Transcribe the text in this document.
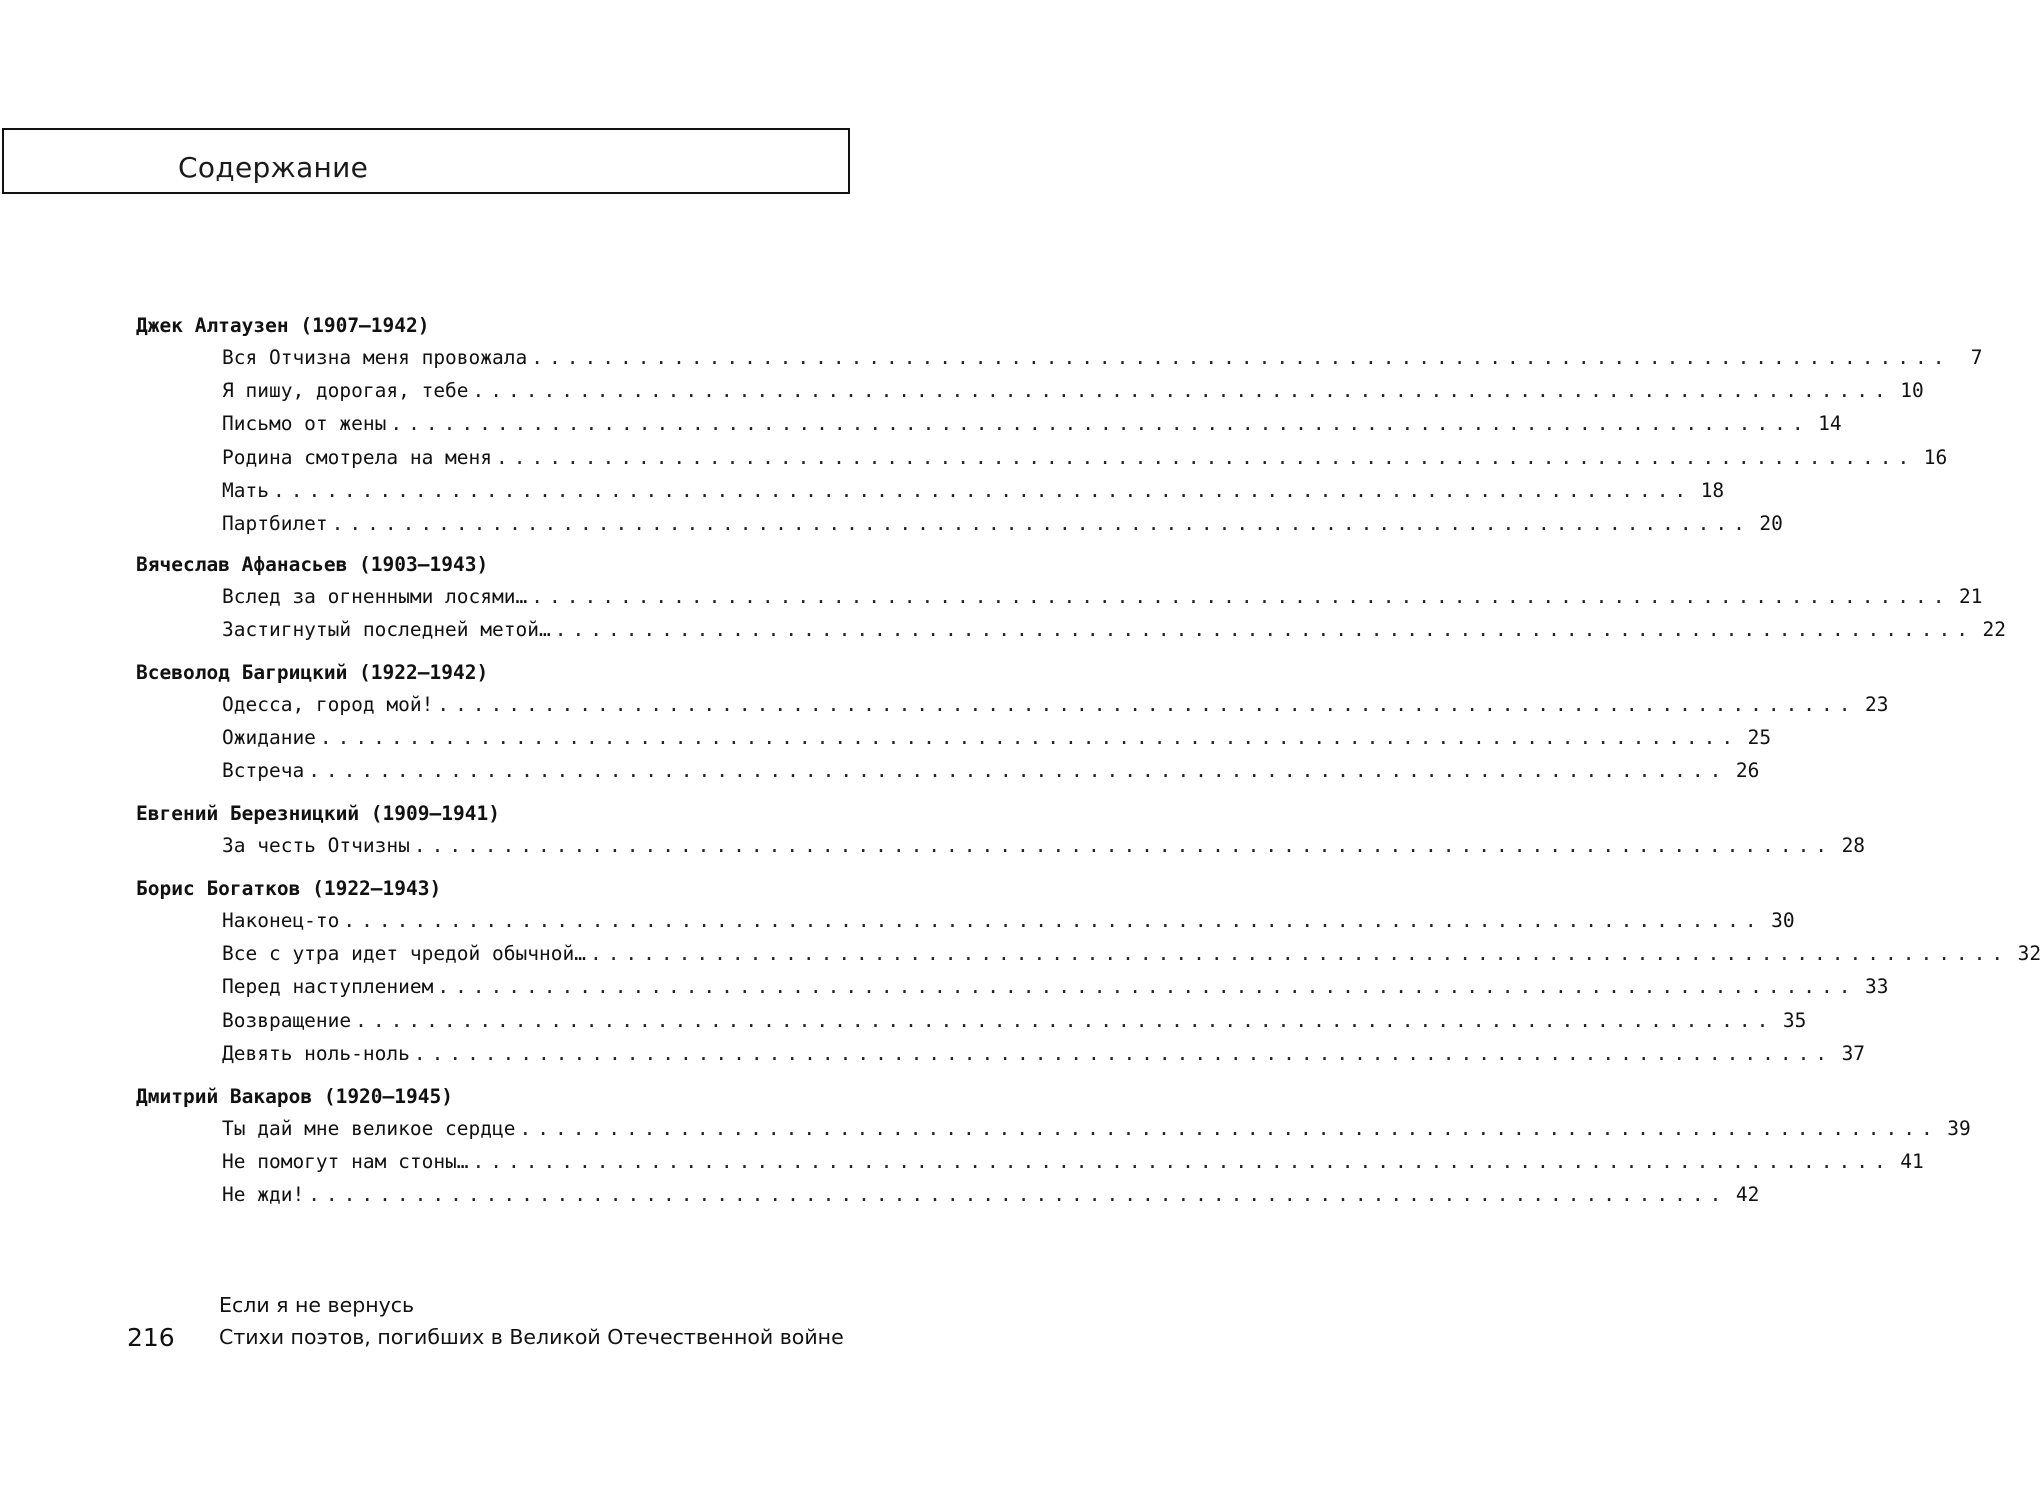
Содержание
Джек Алтаузен (1907–1942)
Вся Отчизна меня провожала ................................................................................	7
Я пишу, дорогая, тебе ................................................................................ 10
Письмо от жены ................................................................................ 14
Родина смотрела на меня ................................................................................ 16
Мать ................................................................................ 18
Партбилет ................................................................................ 20
Вячеслав Афанасьев (1903–1943)
Вслед за огненными лосями… ................................................................................ 21
Застигнутый последней метой… ................................................................................ 22
Всеволод Багрицкий (1922–1942)
Одесса, город мой! ................................................................................ 23
Ожидание ................................................................................ 25
Встреча ................................................................................ 26
Евгений Березницкий (1909–1941)
За честь Отчизны ................................................................................ 28
Борис Богатков (1922–1943)
Наконец-то ................................................................................ 30
Все с утра идет чредой обычной… ................................................................................ 32
Перед наступлением ................................................................................ 33
Возвращение ................................................................................ 35
Девять ноль-ноль ................................................................................ 37
Дмитрий Вакаров (1920–1945)
Ты дай мне великое сердце ................................................................................ 39
Не помогут нам стоны… ................................................................................ 41
Не жди! ................................................................................ 42
216
Если я не вернусь
Стихи поэтов, погибших в Великой Отечественной войне
